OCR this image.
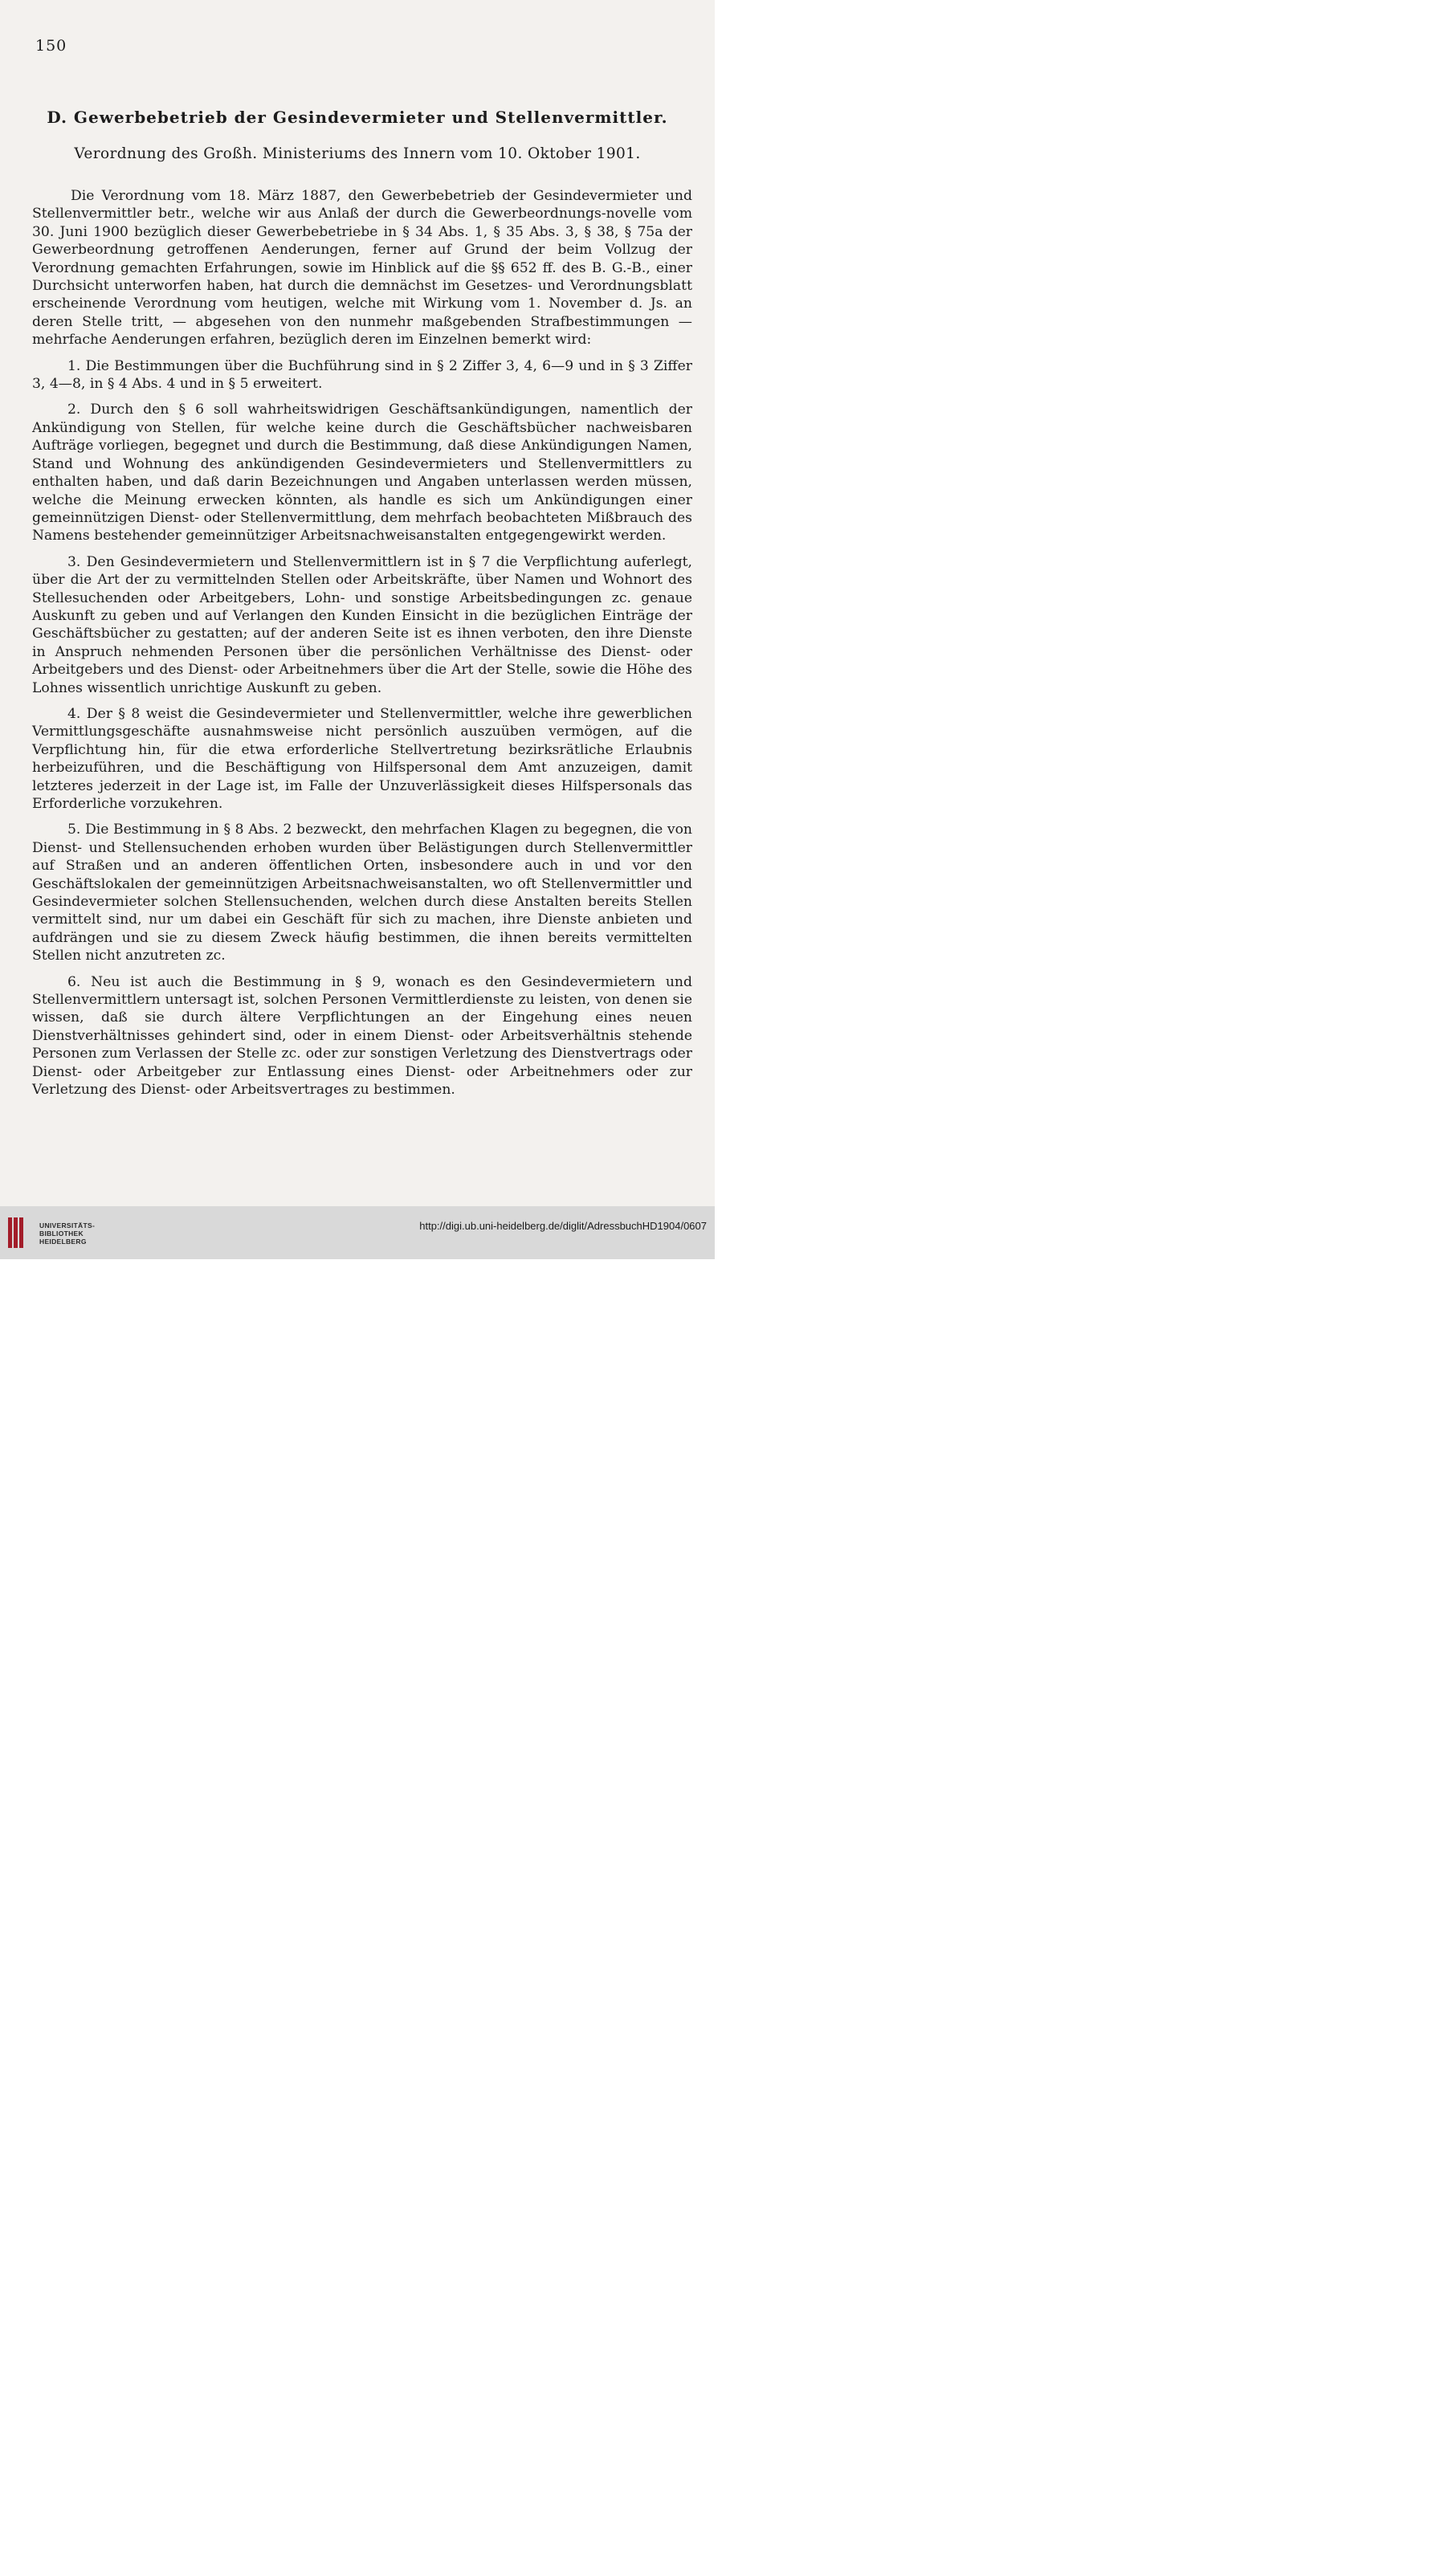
150
D. Gewerbebetrieb der Gesindevermieter und Stellenvermittler.
Verordnung des Großh. Ministeriums des Innern vom 10. Oktober 1901.

Die Verordnung vom 18. März 1887, den Gewerbebetrieb der Gesindevermieter und Stellenvermittler betr., welche wir aus Anlaß der durch die Gewerbeordnungs-novelle vom 30. Juni 1900 bezüglich dieser Gewerbebetriebe in § 34 Abs. 1, § 35 Abs. 3, § 38, § 75a der Gewerbeordnung getroffenen Aenderungen, ferner auf Grund der beim Vollzug der Verordnung gemachten Erfahrungen, sowie im Hinblick auf die §§ 652 ff. des B. G.-B., einer Durchsicht unterworfen haben, hat durch die demnächst im Gesetzes- und Verordnungsblatt erscheinende Verordnung vom heutigen, welche mit Wirkung vom 1. November d. Js. an deren Stelle tritt, — abgesehen von den nunmehr maßgebenden Strafbestimmungen — mehrfache Aenderungen erfahren, bezüglich deren im Einzelnen bemerkt wird:

1. Die Bestimmungen über die Buchführung sind in § 2 Ziffer 3, 4, 6—9 und in § 3 Ziffer 3, 4—8, in § 4 Abs. 4 und in § 5 erweitert.

2. Durch den § 6 soll wahrheitswidrigen Geschäftsankündigungen, namentlich der Ankündigung von Stellen, für welche keine durch die Geschäftsbücher nachweisbaren Aufträge vorliegen, begegnet und durch die Bestimmung, daß diese Ankündigungen Namen, Stand und Wohnung des ankündigenden Gesindevermieters und Stellenvermittlers zu enthalten haben, und daß darin Bezeichnungen und Angaben unterlassen werden müssen, welche die Meinung erwecken könnten, als handle es sich um Ankündigungen einer gemeinnützigen Dienst- oder Stellenvermittlung, dem mehrfach beobachteten Mißbrauch des Namens bestehender gemeinnütziger Arbeitsnachweisanstalten entgegengewirkt werden.

3. Den Gesindevermietern und Stellenvermittlern ist in § 7 die Verpflichtung auferlegt, über die Art der zu vermittelnden Stellen oder Arbeitskräfte, über Namen und Wohnort des Stellesuchenden oder Arbeitgebers, Lohn- und sonstige Arbeitsbedingungen zc. genaue Auskunft zu geben und auf Verlangen den Kunden Einsicht in die bezüglichen Einträge der Geschäftsbücher zu gestatten; auf der anderen Seite ist es ihnen verboten, den ihre Dienste in Anspruch nehmenden Personen über die persönlichen Verhältnisse des Dienst- oder Arbeitgebers und des Dienst- oder Arbeitnehmers über die Art der Stelle, sowie die Höhe des Lohnes wissentlich unrichtige Auskunft zu geben.

4. Der § 8 weist die Gesindevermieter und Stellenvermittler, welche ihre gewerblichen Vermittlungsgeschäfte ausnahmsweise nicht persönlich auszuüben vermögen, auf die Verpflichtung hin, für die etwa erforderliche Stellvertretung bezirksrätliche Erlaubnis herbeizuführen, und die Beschäftigung von Hilfspersonal dem Amt anzuzeigen, damit letzteres jederzeit in der Lage ist, im Falle der Unzuverlässigkeit dieses Hilfspersonals das Erforderliche vorzukehren.

5. Die Bestimmung in § 8 Abs. 2 bezweckt, den mehrfachen Klagen zu begegnen, die von Dienst- und Stellensuchenden erhoben wurden über Belästigungen durch Stellenvermittler auf Straßen und an anderen öffentlichen Orten, insbesondere auch in und vor den Geschäftslokalen der gemeinnützigen Arbeitsnachweisanstalten, wo oft Stellenvermittler und Gesindevermieter solchen Stellensuchenden, welchen durch diese Anstalten bereits Stellen vermittelt sind, nur um dabei ein Geschäft für sich zu machen, ihre Dienste anbieten und aufdrängen und sie zu diesem Zweck häufig bestimmen, die ihnen bereits vermittelten Stellen nicht anzutreten zc.

6. Neu ist auch die Bestimmung in § 9, wonach es den Gesindevermietern und Stellenvermittlern untersagt ist, solchen Personen Vermittlerdienste zu leisten, von denen sie wissen, daß sie durch ältere Verpflichtungen an der Eingehung eines neuen Dienstverhältnisses gehindert sind, oder in einem Dienst- oder Arbeitsverhältnis stehende Personen zum Verlassen der Stelle zc. oder zur sonstigen Verletzung des Dienstvertrags oder Dienst- oder Arbeitgeber zur Entlassung eines Dienst- oder Arbeitnehmers oder zur Verletzung des Dienst- oder Arbeitsvertrages zu bestimmen.

UNIVERSITÄTS-
BIBLIOTHEK
HEIDELBERG
http://digi.ub.uni-heidelberg.de/diglit/AdressbuchHD1904/0607
